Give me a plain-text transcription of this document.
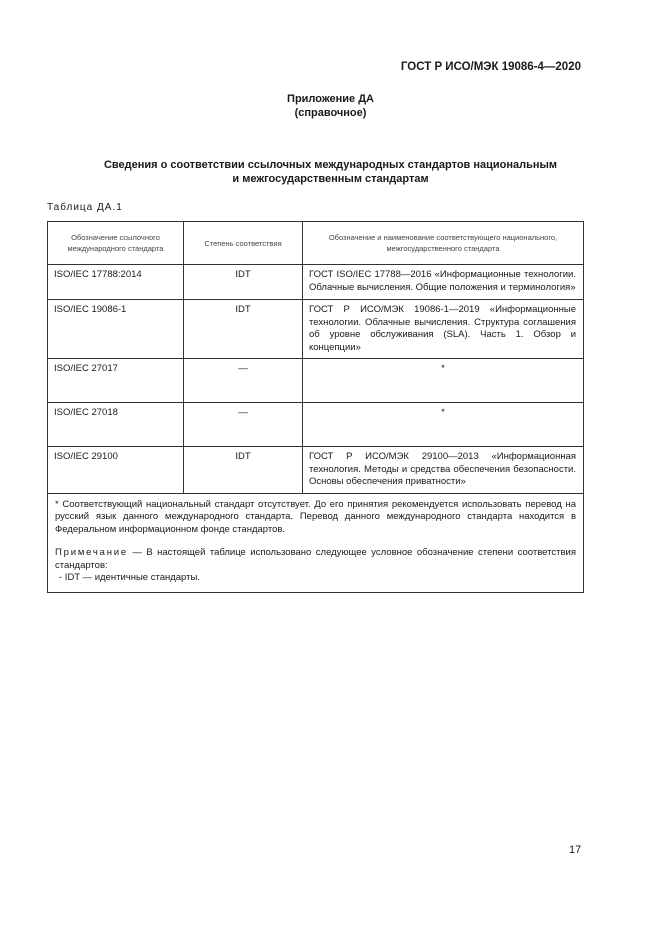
ГОСТ Р ИСО/МЭК 19086-4—2020
Приложение ДА
(справочное)
Сведения о соответствии ссылочных международных стандартов национальным
и межгосударственным стандартам
Таблица ДА.1
Обозначение ссылочного международного стандарта	Степень соответствия	Обозначение и наименование соответствующего национального, межгосударственного стандарта
ISO/IEC 17788:2014	IDT	ГОСТ ISO/IEC 17788—2016 «Информационные технологии. Облачные вычисления. Общие положения и терминология»
ISO/IEC 19086-1	IDT	ГОСТ Р ИСО/МЭК 19086-1—2019 «Информационные технологии. Облачные вычисления. Структура соглашения об уровне обслуживания (SLA). Часть 1. Обзор и концепции»
ISO/IEC 27017	—	*
ISO/IEC 27018	—	*
ISO/IEC 29100	IDT	ГОСТ Р ИСО/МЭК 29100—2013 «Информационная технология. Методы и средства обеспечения безопасности. Основы обеспечения приватности»

* Соответствующий национальный стандарт отсутствует. До его принятия рекомендуется использовать перевод на русский язык данного международного стандарта. Перевод данного международного стандарта находится в Федеральном информационном фонде стандартов.

Примечание — В настоящей таблице использовано следующее условное обозначение степени соответствия стандартов:

- IDT — идентичные стандарты.		

17
